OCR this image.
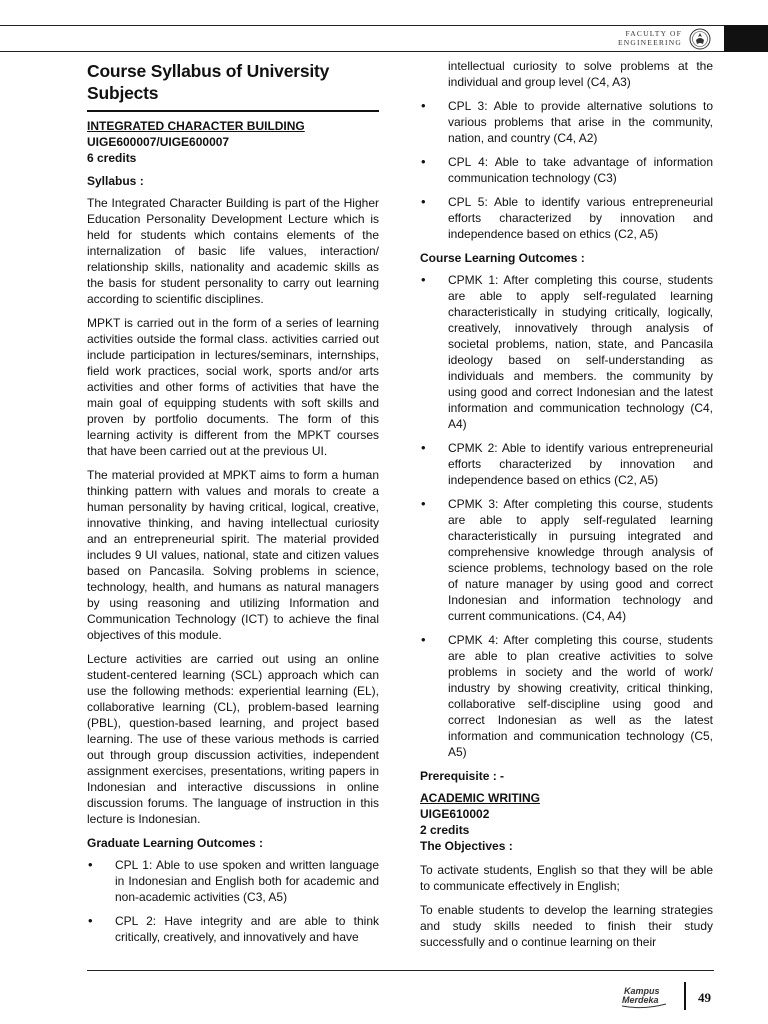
FACULTY OF
ENGINEERING
Course Syllabus of University Subjects
INTEGRATED CHARACTER BUILDING
UIGE600007/UIGE600007
6 credits
Syllabus :

The Integrated Character Building is part of the Higher Education Personality Development Lecture which is held for students which contains elements of the internalization of basic life values, interaction/ relationship skills, nationality and academic skills as the basis for student personality to carry out learning according to scientific disciplines.

MPKT is carried out in the form of a series of learning activities outside the formal class. activities carried out include participation in lectures/seminars, internships, field work practices, social work, sports and/or arts activities and other forms of activities that have the main goal of equipping students with soft skills and proven by portfolio documents. The form of this learning activity is different from the MPKT courses that have been carried out at the previous UI.

The material provided at MPKT aims to form a human thinking pattern with values and morals to create a human personality by having critical, logical, creative, innovative thinking, and having intellectual curiosity and an entrepreneurial spirit. The material provided includes 9 UI values, national, state and citizen values based on Pancasila. Solving problems in science, technology, health, and humans as natural managers by using reasoning and utilizing Information and Communication Technology (ICT) to achieve the final objectives of this module.

Lecture activities are carried out using an online student-centered learning (SCL) approach which can use the following methods: experiential learning (EL), collaborative learning (CL), problem-based learning (PBL), question-based learning, and project based learning. The use of these various methods is carried out through group discussion activities, independent assignment exercises, presentations, writing papers in Indonesian and interactive discussions in online discussion forums. The language of instruction in this lecture is Indonesian.

Graduate Learning Outcomes :
• CPL 1: Able to use spoken and written language in Indonesian and English both for academic and non-academic activities (C3, A5)
• CPL 2: Have integrity and are able to think critically, creatively, and innovatively and have
intellectual curiosity to solve problems at the individual and group level (C4, A3)
• CPL 3: Able to provide alternative solutions to various problems that arise in the community, nation, and country (C4, A2)
• CPL 4: Able to take advantage of information communication technology (C3)
• CPL 5: Able to identify various entrepreneurial efforts characterized by innovation and independence based on ethics (C2, A5)
Course Learning Outcomes :
• CPMK 1: After completing this course, students are able to apply self-regulated learning characteristically in studying critically, logically, creatively, innovatively through analysis of societal problems, nation, state, and Pancasila ideology based on self-understanding as individuals and members. the community by using good and correct Indonesian and the latest information and communication technology (C4, A4)
• CPMK 2: Able to identify various entrepreneurial efforts characterized by innovation and independence based on ethics (C2, A5)
• CPMK 3: After completing this course, students are able to apply self-regulated learning characteristically in pursuing integrated and comprehensive knowledge through analysis of science problems, technology based on the role of nature manager by using good and correct Indonesian and information technology and current communications. (C4, A4)
• CPMK 4: After completing this course, students are able to plan creative activities to solve problems in society and the world of work/ industry by showing creativity, critical thinking, collaborative self-discipline using good and correct Indonesian as well as the latest information and communication technology (C5, A5)
Prerequisite : -
ACADEMIC WRITING
UIGE610002
2 credits
The Objectives :

To activate students, English so that they will be able to communicate effectively in English;

To enable students to develop the learning strategies and study skills needed to finish their study successfully and o continue learning on their

Kampus
Merdeka	49
